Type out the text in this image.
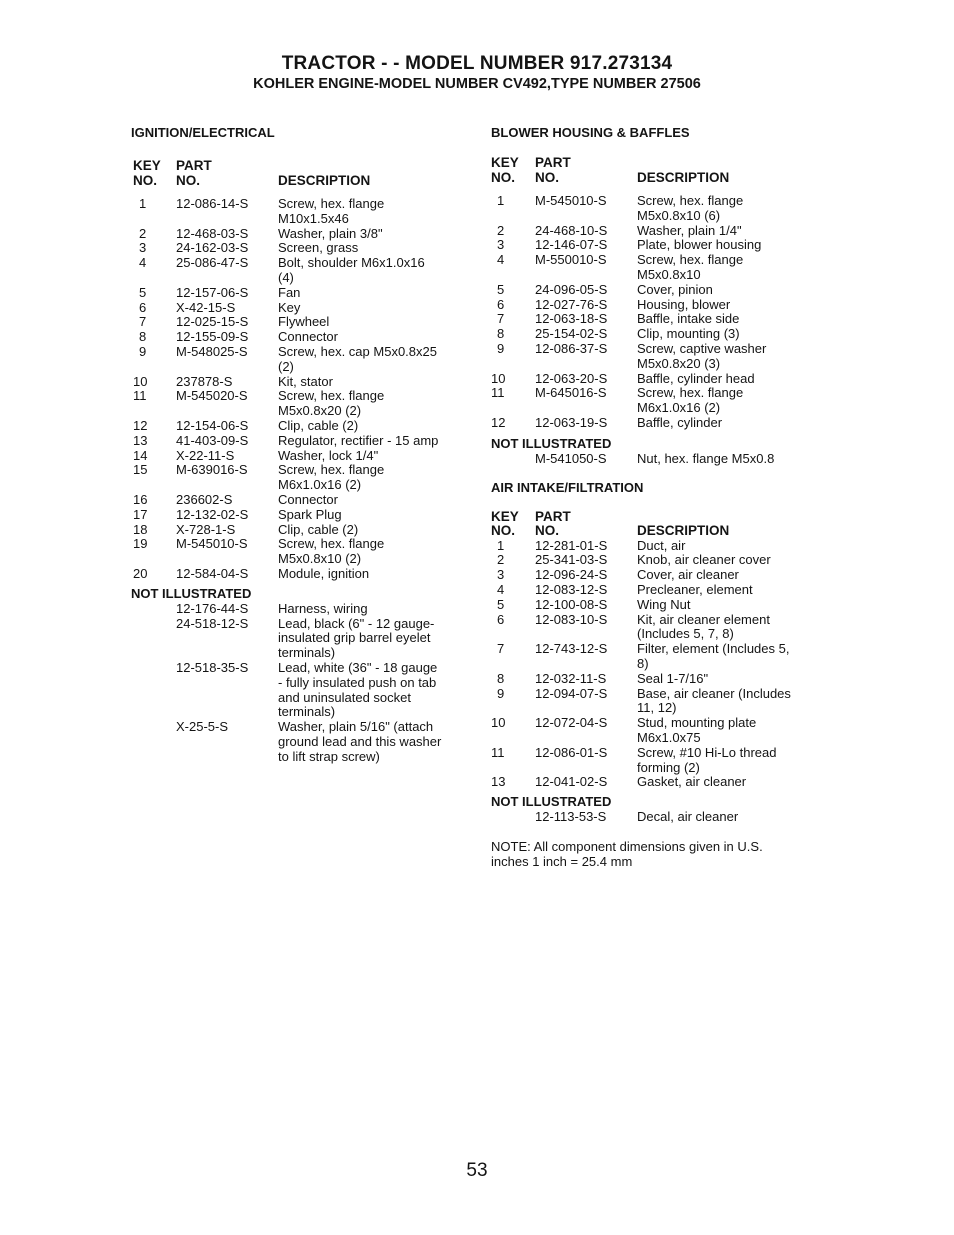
TRACTOR - - MODEL NUMBER 917.273134
KOHLER ENGINE-MODEL NUMBER CV492,TYPE NUMBER 27506
IGNITION/ELECTRICAL
KEY
NO.
PART
NO.
	DESCRIPTION
1	12-086-14-S	Screw, hex. flange
M10x1.5x46
2	12-468-03-S	Washer, plain 3/8"
3	24-162-03-S	Screen, grass
4	25-086-47-S	Bolt, shoulder M6x1.0x16
(4)
5	12-157-06-S	Fan
6	X-42-15-S	Key
7	12-025-15-S	Flywheel
8	12-155-09-S	Connector
9	M-548025-S	Screw, hex. cap M5x0.8x25
(2)
10	237878-S	Kit, stator
11	M-545020-S	Screw, hex. flange
M5x0.8x20 (2)
12	12-154-06-S	Clip, cable (2)
13	41-403-09-S	Regulator, rectifier - 15 amp
14	X-22-11-S	Washer, lock 1/4"
15	M-639016-S	Screw, hex. flange
M6x1.0x16 (2)
16	236602-S	Connector
17	12-132-02-S	Spark Plug
18	X-728-1-S	Clip, cable (2)
19	M-545010-S	Screw, hex. flange
M5x0.8x10 (2)
20	12-584-04-S	Module, ignition
NOT ILLUSTRATED
12-176-44-S	Harness, wiring
24-518-12-S	Lead, black (6" - 12 gauge-
insulated grip barrel eyelet
terminals)
12-518-35-S	Lead, white (36" - 18 gauge
- fully insulated push on tab
and uninsulated socket
terminals)
X-25-5-S	Washer, plain 5/16" (attach
ground lead and this washer
to lift strap screw)
BLOWER HOUSING & BAFFLES
KEY
NO.
PART
NO.
	DESCRIPTION
1	M-545010-S	Screw, hex. flange
M5x0.8x10 (6)
2	24-468-10-S	Washer, plain 1/4"
3	12-146-07-S	Plate, blower housing
4	M-550010-S	Screw, hex. flange
M5x0.8x10
5	24-096-05-S	Cover, pinion
6	12-027-76-S	Housing, blower
7	12-063-18-S	Baffle, intake side
8	25-154-02-S	Clip, mounting (3)
9	12-086-37-S	Screw, captive washer
M5x0.8x20 (3)
10	12-063-20-S	Baffle, cylinder head
11	M-645016-S	Screw, hex. flange
M6x1.0x16 (2)
12	12-063-19-S	Baffle, cylinder
NOT ILLUSTRATED
M-541050-S	Nut, hex. flange M5x0.8
AIR INTAKE/FILTRATION
KEY
NO.
PART
NO.
	DESCRIPTION
1	12-281-01-S	Duct, air
2	25-341-03-S	Knob, air cleaner cover
3	12-096-24-S	Cover, air cleaner
4	12-083-12-S	Precleaner, element
5	12-100-08-S	Wing Nut
6	12-083-10-S	Kit, air cleaner element
(Includes 5, 7, 8)
7	12-743-12-S	Filter, element (Includes 5,
8)
8	12-032-11-S	Seal 1-7/16"
9	12-094-07-S	Base, air cleaner (Includes
11, 12)
10	12-072-04-S	Stud, mounting plate
M6x1.0x75
11	12-086-01-S	Screw, #10 Hi-Lo thread
forming (2)
13	12-041-02-S	Gasket, air cleaner
NOT ILLUSTRATED
12-113-53-S	Decal, air cleaner
NOTE: All component dimensions given in U.S.
inches 1 inch = 25.4 mm
53
